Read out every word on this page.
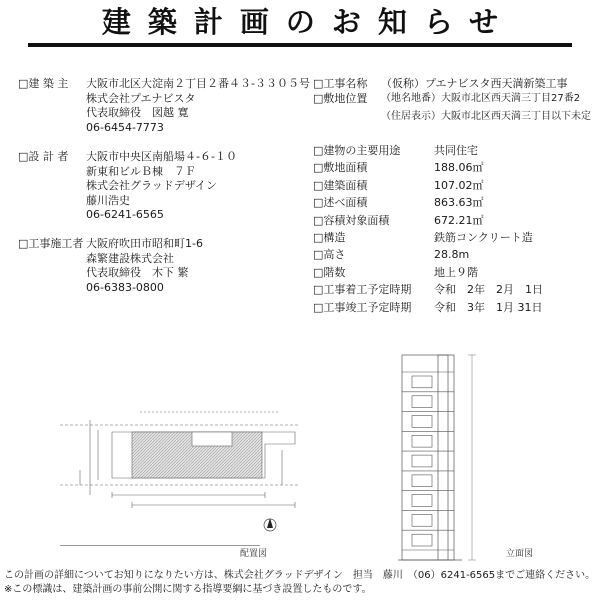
建築計画のお知らせ
□建 築 主 大阪市北区大淀南２丁目２番４３-３３０５号
株式会社プエナビスタ
代表取締役　図越 寛
06-6454-7773
□設 計 者 大阪市中央区南船場４-６-１０
新東和ビルＢ棟　７Ｆ
株式会社グラッドデザイン
藤川浩史
06-6241-6565
□工事施工者 大阪府吹田市昭和町1-6
森繁建設株式会社
代表取締役　木下 繁
06-6383-0800
□工事名称 （仮称）プエナビスタ西天満新築工事
□敷地位置 （地名地番）大阪市北区西天満三丁目27番2
（住居表示）大阪市北区西天満三丁目以下未定
□建物の主要用途	共同住宅
□敷地面積	188.06㎡
□建築面積	107.02㎡
□述べ面積	863.63㎡
□容積対象面積	672.21㎡
□構造	鉄筋コンクリート造
□高さ	28.8m
□階数	地上９階
□工事着工予定時期 令和　2年　2月　1日
□工事竣工予定時期 令和　3年　1月 31日
配置図	立面図
この計画の詳細についてお知りになりたい方は、株式会社グラッドデザイン　担当　藤川　（06）6241-6565までご連絡ください。
※この標識は、建築計画の事前公開に関する指導要綱に基づき設置したものです。
